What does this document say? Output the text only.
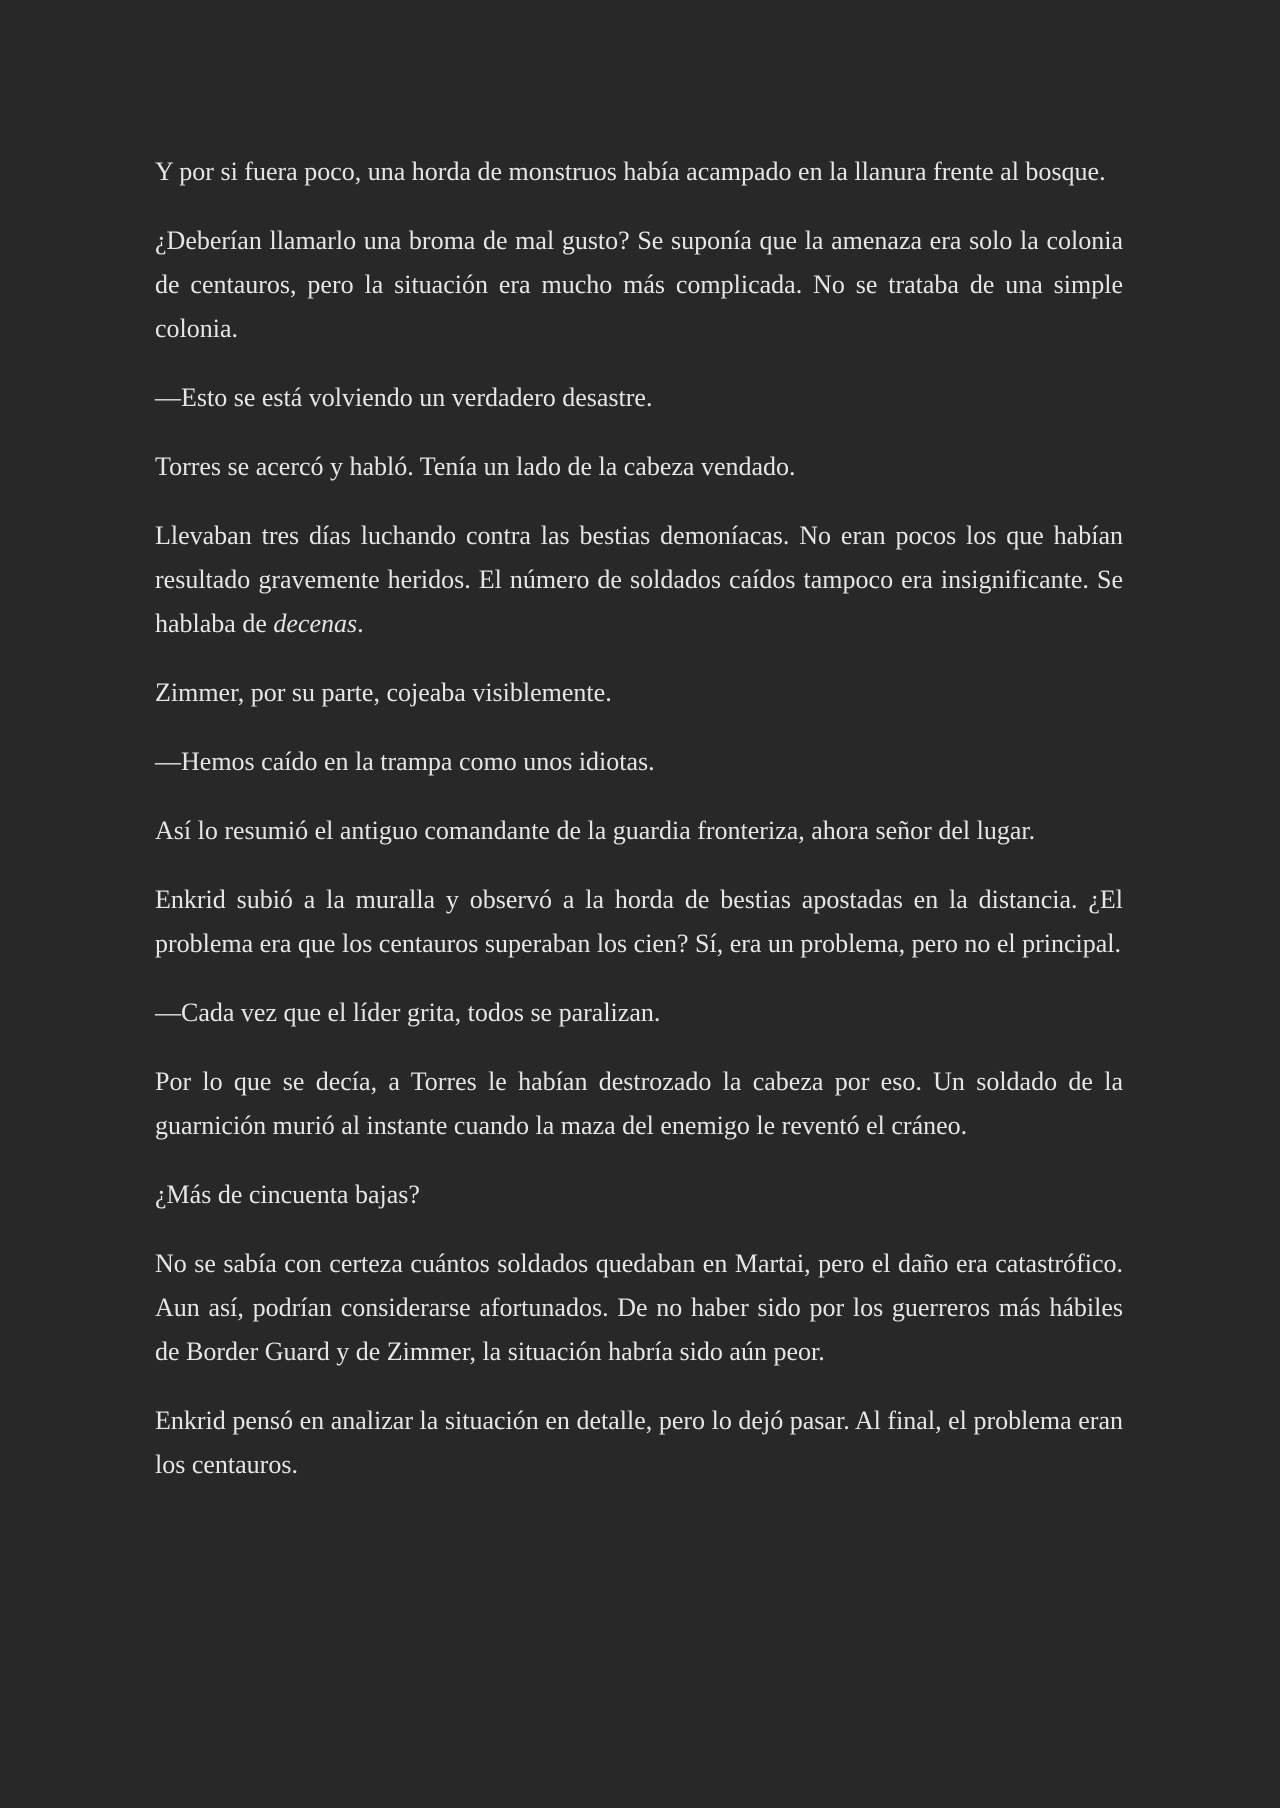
Y por si fuera poco, una horda de monstruos había acampado en la llanura frente al bosque.

¿Deberían llamarlo una broma de mal gusto? Se suponía que la amenaza era solo la colonia de centauros, pero la situación era mucho más complicada. No se trataba de una simple colonia.

—Esto se está volviendo un verdadero desastre.

Torres se acercó y habló. Tenía un lado de la cabeza vendado.

Llevaban tres días luchando contra las bestias demoníacas. No eran pocos los que habían resultado gravemente heridos. El número de soldados caídos tampoco era insignificante. Se hablaba de decenas.

Zimmer, por su parte, cojeaba visiblemente.

—Hemos caído en la trampa como unos idiotas.

Así lo resumió el antiguo comandante de la guardia fronteriza, ahora señor del lugar.

Enkrid subió a la muralla y observó a la horda de bestias apostadas en la distancia. ¿El problema era que los centauros superaban los cien? Sí, era un problema, pero no el principal.

—Cada vez que el líder grita, todos se paralizan.

Por lo que se decía, a Torres le habían destrozado la cabeza por eso. Un soldado de la guarnición murió al instante cuando la maza del enemigo le reventó el cráneo.

¿Más de cincuenta bajas?

No se sabía con certeza cuántos soldados quedaban en Martai, pero el daño era catastrófico. Aun así, podrían considerarse afortunados. De no haber sido por los guerreros más hábiles de Border Guard y de Zimmer, la situación habría sido aún peor.

Enkrid pensó en analizar la situación en detalle, pero lo dejó pasar. Al final, el problema eran los centauros.
